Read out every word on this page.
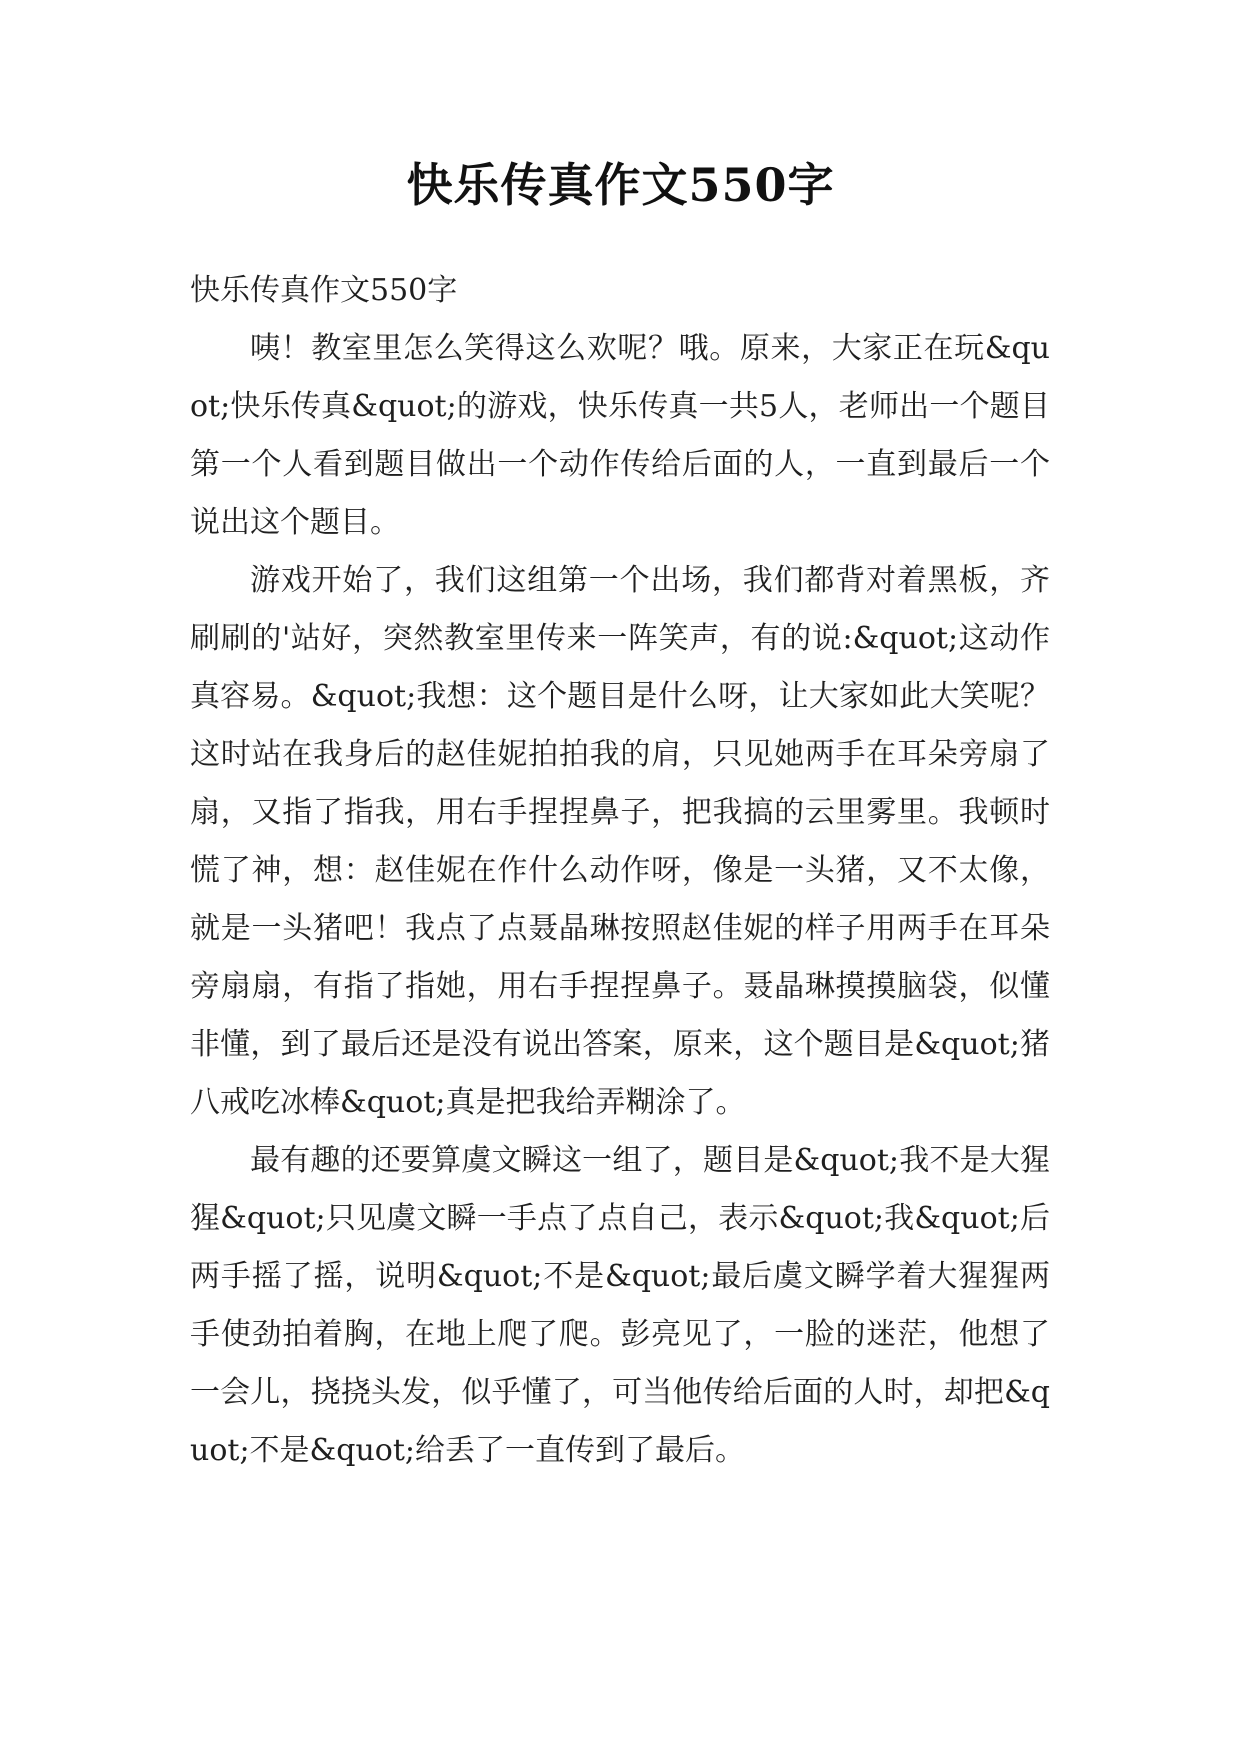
快乐传真作文550字

快乐传真作文550字

咦！教室里怎么笑得这么欢呢？哦。原来，大家正在玩&quot;快乐传真&quot;的游戏，快乐传真一共5人，老师出一个题目第一个人看到题目做出一个动作传给后面的人，一直到最后一个说出这个题目。

游戏开始了，我们这组第一个出场，我们都背对着黑板，齐刷刷的'站好，突然教室里传来一阵笑声，有的说:&quot;这动作真容易。&quot;我想：这个题目是什么呀，让大家如此大笑呢？这时站在我身后的赵佳妮拍拍我的肩，只见她两手在耳朵旁扇了扇，又指了指我，用右手捏捏鼻子，把我搞的云里雾里。我顿时慌了神，想：赵佳妮在作什么动作呀，像是一头猪，又不太像，就是一头猪吧！我点了点聂晶琳按照赵佳妮的样子用两手在耳朵旁扇扇，有指了指她，用右手捏捏鼻子。聂晶琳摸摸脑袋，似懂非懂，到了最后还是没有说出答案，原来，这个题目是&quot;猪八戒吃冰棒&quot;真是把我给弄糊涂了。

最有趣的还要算虞文瞬这一组了，题目是&quot;我不是大猩猩&quot;只见虞文瞬一手点了点自己，表示&quot;我&quot;后两手摇了摇，说明&quot;不是&quot;最后虞文瞬学着大猩猩两手使劲拍着胸，在地上爬了爬。彭亮见了，一脸的迷茫，他想了一会儿，挠挠头发，似乎懂了，可当他传给后面的人时，却把&quot;不是&quot;给丢了一直传到了最后。
